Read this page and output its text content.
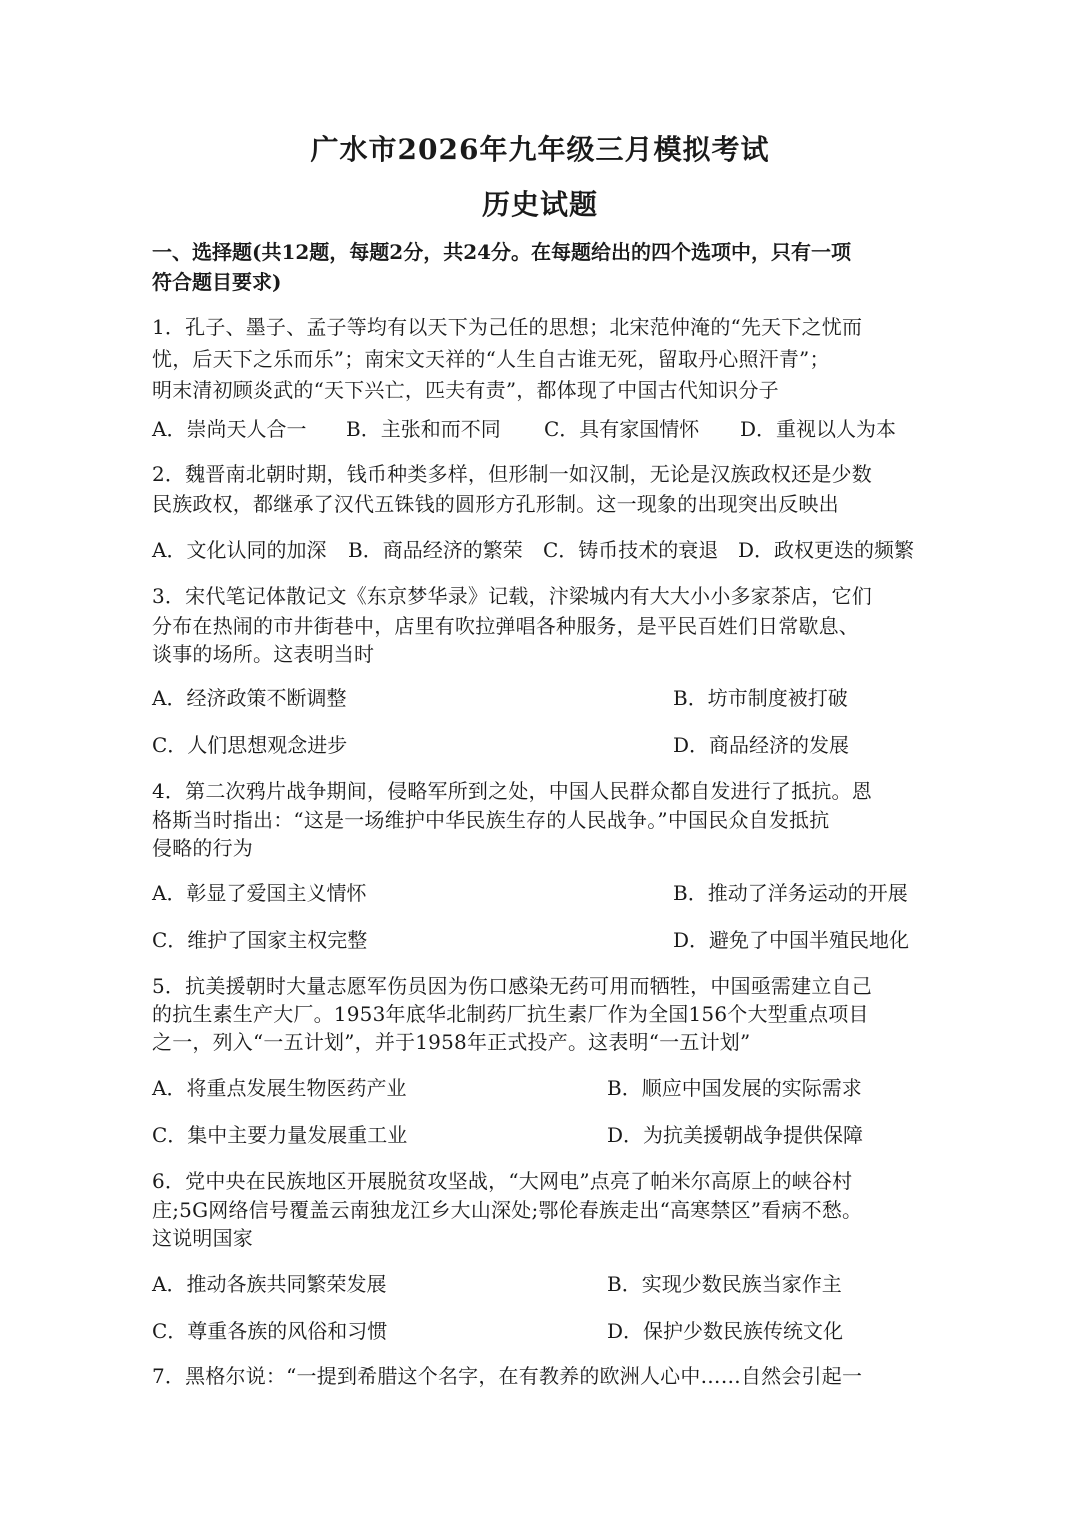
广水市2026年九年级三月模拟考试
历史试题
一、选择题(共12题，每题2分，共24分。在每题给出的四个选项中，只有一项
符合题目要求)
1．孔子、墨子、孟子等均有以天下为己任的思想；北宋范仲淹的“先天下之忧而
忧，后天下之乐而乐”；南宋文天祥的“人生自古谁无死，留取丹心照汗青”；
明末清初顾炎武的“天下兴亡，匹夫有责”，都体现了中国古代知识分子
A．崇尚天人合一 B．主张和而不同 C．具有家国情怀 D．重视以人为本
2．魏晋南北朝时期，钱币种类多样，但形制一如汉制，无论是汉族政权还是少数
民族政权，都继承了汉代五铢钱的圆形方孔形制。这一现象的出现突出反映出
A．文化认同的加深 B．商品经济的繁荣 C．铸币技术的衰退 D．政权更迭的频繁
3．宋代笔记体散记文《东京梦华录》记载，汴梁城内有大大小小多家茶店，它们
分布在热闹的市井街巷中，店里有吹拉弹唱各种服务，是平民百姓们日常歇息、
谈事的场所。这表明当时
A．经济政策不断调整	B．坊市制度被打破
C．人们思想观念进步	D．商品经济的发展
4．第二次鸦片战争期间，侵略军所到之处，中国人民群众都自发进行了抵抗。恩
格斯当时指出：“这是一场维护中华民族生存的人民战争。”中国民众自发抵抗
侵略的行为
A．彰显了爱国主义情怀	B．推动了洋务运动的开展
C．维护了国家主权完整	D．避免了中国半殖民地化
5．抗美援朝时大量志愿军伤员因为伤口感染无药可用而牺牲，中国亟需建立自己
的抗生素生产大厂。1953年底华北制药厂抗生素厂作为全国156个大型重点项目
之一，列入“一五计划”，并于1958年正式投产。这表明“一五计划”
A．将重点发展生物医药产业	B．顺应中国发展的实际需求
C．集中主要力量发展重工业	D．为抗美援朝战争提供保障
6．党中央在民族地区开展脱贫攻坚战，“大网电”点亮了帕米尔高原上的峡谷村
庄;5G网络信号覆盖云南独龙江乡大山深处;鄂伦春族走出“高寒禁区”看病不愁。
这说明国家
A．推动各族共同繁荣发展	B．实现少数民族当家作主
C．尊重各族的风俗和习惯	D．保护少数民族传统文化
7．黑格尔说：“一提到希腊这个名字，在有教养的欧洲人心中……自然会引起一
